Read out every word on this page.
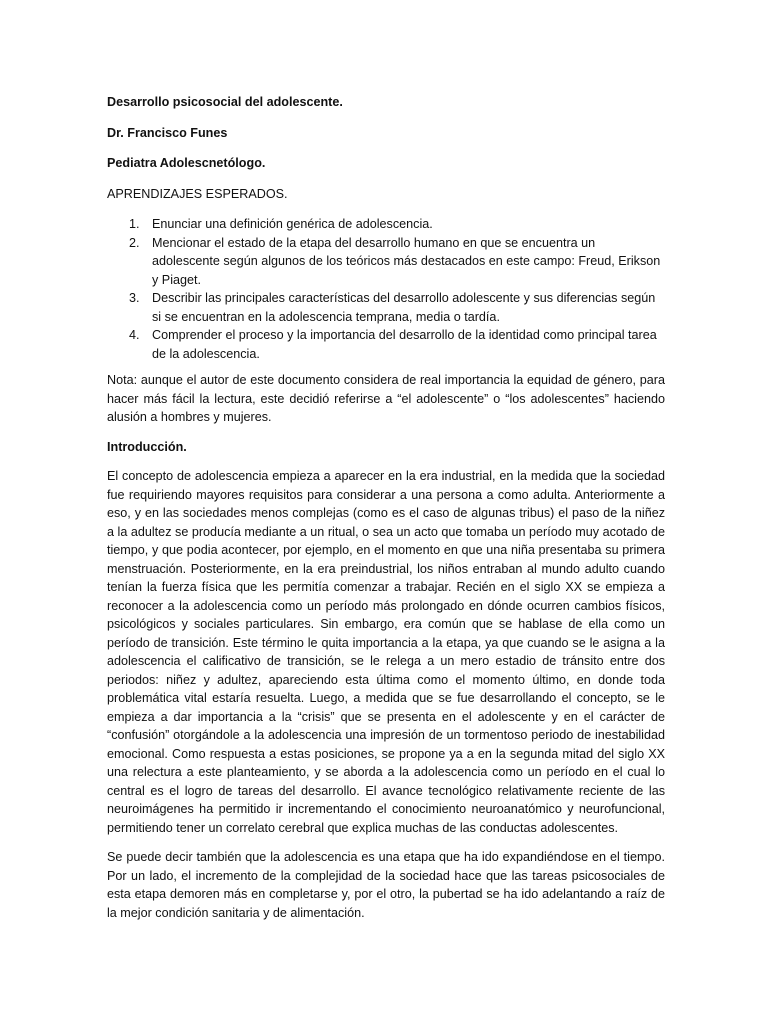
Desarrollo psicosocial del adolescente.
Dr. Francisco Funes
Pediatra Adolescnetólogo.
APRENDIZAJES ESPERADOS.
1. Enunciar una definición genérica de adolescencia.
2. Mencionar el estado de la etapa del desarrollo humano en que se encuentra un adolescente según algunos de los teóricos más destacados en este campo: Freud, Erikson y Piaget.
3. Describir las principales características del desarrollo adolescente y sus diferencias según si se encuentran en la adolescencia temprana, media o tardía.
4. Comprender el proceso y la importancia del desarrollo de la identidad como principal tarea de la adolescencia.
Nota: aunque el autor de este documento considera de real importancia la equidad de género, para hacer más fácil la lectura, este decidió referirse a “el adolescente” o “los adolescentes” haciendo alusión a hombres y mujeres.
Introducción.
El concepto de adolescencia empieza a aparecer en la era industrial, en la medida que la sociedad fue requiriendo mayores requisitos para considerar a una persona a como adulta. Anteriormente a eso, y en las sociedades menos complejas (como es el caso de algunas tribus) el paso de la niñez a la adultez se producía mediante a un ritual, o sea un acto que tomaba un período muy acotado de tiempo, y que podia acontecer, por ejemplo, en el momento en que una niña presentaba su primera menstruación. Posteriormente, en la era preindustrial, los niños entraban al mundo adulto cuando tenían la fuerza física que les permitía comenzar a trabajar. Recién en el siglo XX se empieza a reconocer a la adolescencia como un período más prolongado en dónde ocurren cambios físicos, psicológicos y sociales particulares. Sin embargo, era común que se hablase de ella como un período de transición. Este término le quita importancia a la etapa, ya que cuando se le asigna a la adolescencia el calificativo de transición, se le relega a un mero estadio de tránsito entre dos periodos: niñez y adultez, apareciendo esta última como el momento último, en donde toda problemática vital estaría resuelta. Luego, a medida que se fue desarrollando el concepto, se le empieza a dar importancia a la “crisis” que se presenta en el adolescente y en el carácter de “confusión” otorgándole a la adolescencia una impresión de un tormentoso periodo de inestabilidad emocional. Como respuesta a estas posiciones, se propone ya a en la segunda mitad del siglo XX una relectura a este planteamiento, y se aborda a la adolescencia como un período en el cual lo central es el logro de tareas del desarrollo. El avance tecnológico relativamente reciente de las neuroimágenes ha permitido ir incrementando el conocimiento neuroanatómico y neurofuncional, permitiendo tener un correlato cerebral que explica muchas de las conductas adolescentes.
Se puede decir también que la adolescencia es una etapa que ha ido expandiéndose en el tiempo. Por un lado, el incremento de la complejidad de la sociedad hace que las tareas psicosociales de esta etapa demoren más en completarse y, por el otro, la pubertad se ha ido adelantando a raíz de la mejor condición sanitaria y de alimentación.
